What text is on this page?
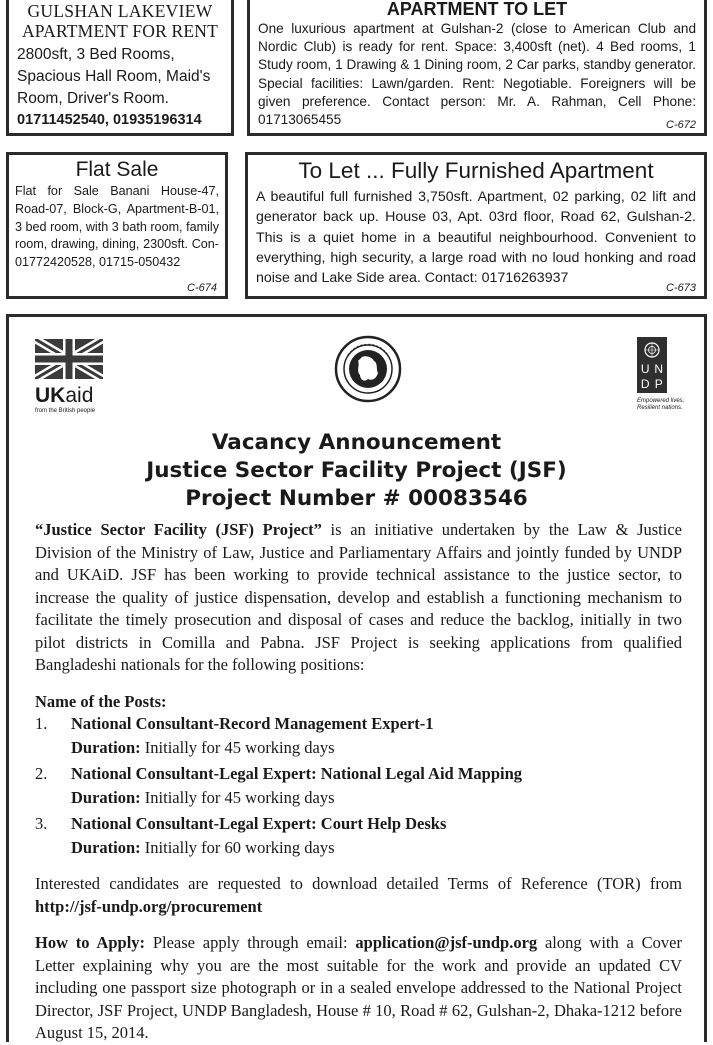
GULSHAN LAKEVIEW
APARTMENT FOR RENT
2800sft, 3 Bed Rooms, Spacious Hall Room, Maid's Room, Driver's Room.
01711452540, 01935196314
APARTMENT TO LET
One luxurious apartment at Gulshan-2 (close to American Club and Nordic Club) is ready for rent. Space: 3,400sft (net). 4 Bed rooms, 1 Study room, 1 Drawing & 1 Dining room, 2 Car parks, standby generator. Special facilities: Lawn/garden. Rent: Negotiable. Foreigners will be given preference. Contact person: Mr. A. Rahman, Cell Phone: 01713065455	C-672
Flat Sale
Flat for Sale Banani House-47, Road-07, Block-G, Apartment-B-01, 3 bed room, with 3 bath room, family room, drawing, dining, 2300sft. Con- 01772420528, 01715-050432
C-674
To Let ... Fully Furnished Apartment
A beautiful full furnished 3,750sft. Apartment, 02 parking, 02 lift and generator back up. House 03, Apt. 03rd floor, Road 62, Gulshan-2. This is a quiet home in a beautiful neighbourhood. Convenient to everything, high security, a large road with no loud honking and road noise and Lake Side area. Contact: 01716263937
C-673
UKaid
from the British people
U N
D P
Empowered lives.
Resilient nations.
Vacancy Announcement
Justice Sector Facility Project (JSF)
Project Number # 00083546

“Justice Sector Facility (JSF) Project” is an initiative undertaken by the Law & Justice Division of the Ministry of Law, Justice and Parliamentary Affairs and jointly funded by UNDP and UKAiD. JSF has been working to provide technical assistance to the justice sector, to increase the quality of justice dispensation, develop and establish a functioning mechanism to facilitate the timely prosecution and disposal of cases and reduce the backlog, initially in two pilot districts in Comilla and Pabna. JSF Project is seeking applications from qualified Bangladeshi nationals for the following positions:

Name of the Posts:

1. National Consultant-Record Management Expert-1
Duration: Initially for 45 working days
2. National Consultant-Legal Expert: National Legal Aid Mapping
Duration: Initially for 45 working days
3. National Consultant-Legal Expert: Court Help Desks
Duration: Initially for 60 working days

Interested candidates are requested to download detailed Terms of Reference (TOR) from http://jsf-undp.org/procurement

How to Apply: Please apply through email: application@jsf-undp.org along with a Cover Letter explaining why you are the most suitable for the work and provide an updated CV including one passport size photograph or in a sealed envelope addressed to the National Project Director, JSF Project, UNDP Bangladesh, House # 10, Road # 62, Gulshan-2, Dhaka-1212 before August 15, 2014.
